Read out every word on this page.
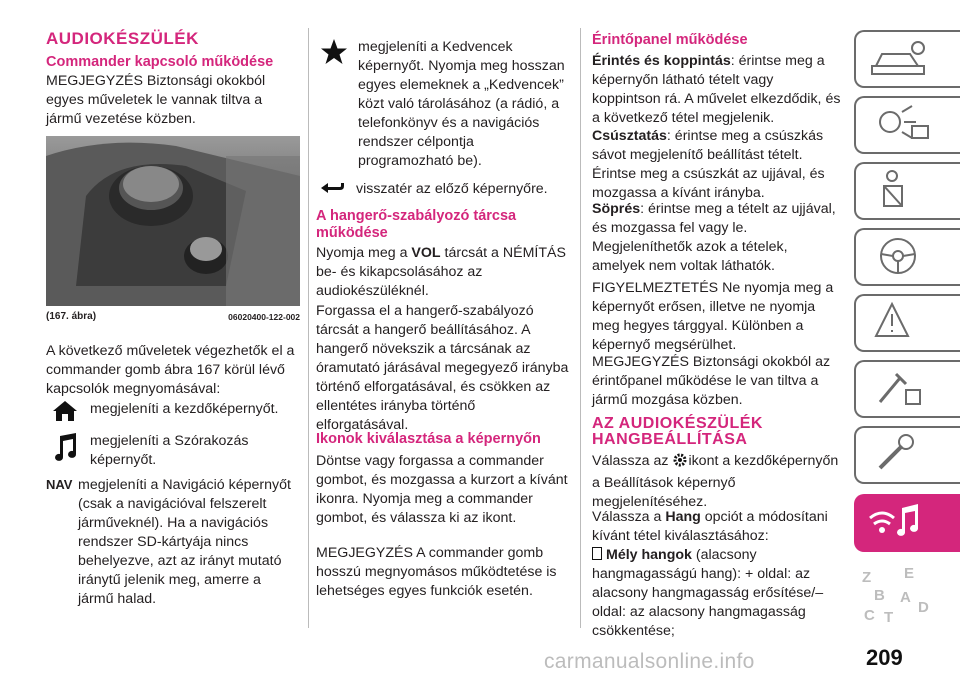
AUDIOKÉSZÜLÉK
Commander kapcsoló működése
MEGJEGYZÉS Biztonsági okokból egyes műveletek le vannak tiltva a jármű vezetése közben.
(167. ábra)	06020400-122-002
A következő műveletek végezhetők el a commander gomb ábra 167 körül lévő kapcsolók megnyomásával:
megjeleníti a kezdőképernyőt.
megjeleníti a Szórakozás képernyőt.
NAV megjeleníti a Navigáció képernyőt (csak a navigációval felszerelt járműveknél). Ha a navigációs rendszer SD-kártyája nincs behelyezve, azt az irányt mutató iránytű jelenik meg, amerre a jármű halad.
megjeleníti a Kedvencek képernyőt. Nyomja meg hosszan egyes elemeknek a „Kedvencek” közt való tárolásához (a rádió, a telefonkönyv és a navigációs rendszer célpontja programozható be).
visszatér az előző képernyőre.
A hangerő-szabályozó tárcsa működése
Nyomja meg a VOL tárcsát a NÉMÍTÁS be- és kikapcsolásához az audiokészüléknél.
Forgassa el a hangerő-szabályozó tárcsát a hangerő beállításához. A hangerő növekszik a tárcsának az óramutató járásával megegyező irányba történő elforgatásával, és csökken az ellentétes irányba történő elforgatásával.
Ikonok kiválasztása a képernyőn
Döntse vagy forgassa a commander gombot, és mozgassa a kurzort a kívánt ikonra. Nyomja meg a commander gombot, és válassza ki az ikont.
MEGJEGYZÉS A commander gomb hosszú megnyomásos működtetése is lehetséges egyes funkciók esetén.
Érintőpanel működése
Érintés és koppintás: érintse meg a képernyőn látható tételt vagy koppintson rá. A művelet elkezdődik, és a következő tétel megjelenik.
Csúsztatás: érintse meg a csúszkás sávot megjelenítő beállítást tételt. Érintse meg a csúszkát az ujjával, és mozgassa a kívánt irányba.
Söprés: érintse meg a tételt az ujjával, és mozgassa fel vagy le. Megjeleníthetők azok a tételek, amelyek nem voltak láthatók.
FIGYELMEZTETÉS Ne nyomja meg a képernyőt erősen, illetve ne nyomja meg hegyes tárggyal. Különben a képernyő megsérülhet.
MEGJEGYZÉS Biztonsági okokból az érintőpanel működése le van tiltva a jármű mozgása közben.
AZ AUDIOKÉSZÜLÉK HANGBEÁLLÍTÁSA
Válassza az ikont a kezdőképernyőn a Beállítások képernyő megjelenítéséhez.
Válassza a Hang opciót a módosítani kívánt tétel kiválasztásához:
Mély hangok (alacsony hangmagasságú hang): + oldal: az alacsony hangmagasság erősítése/– oldal: az alacsony hangmagasság csökkentése;
Z E
B A
C T
D
carmanualsonline.info	209
